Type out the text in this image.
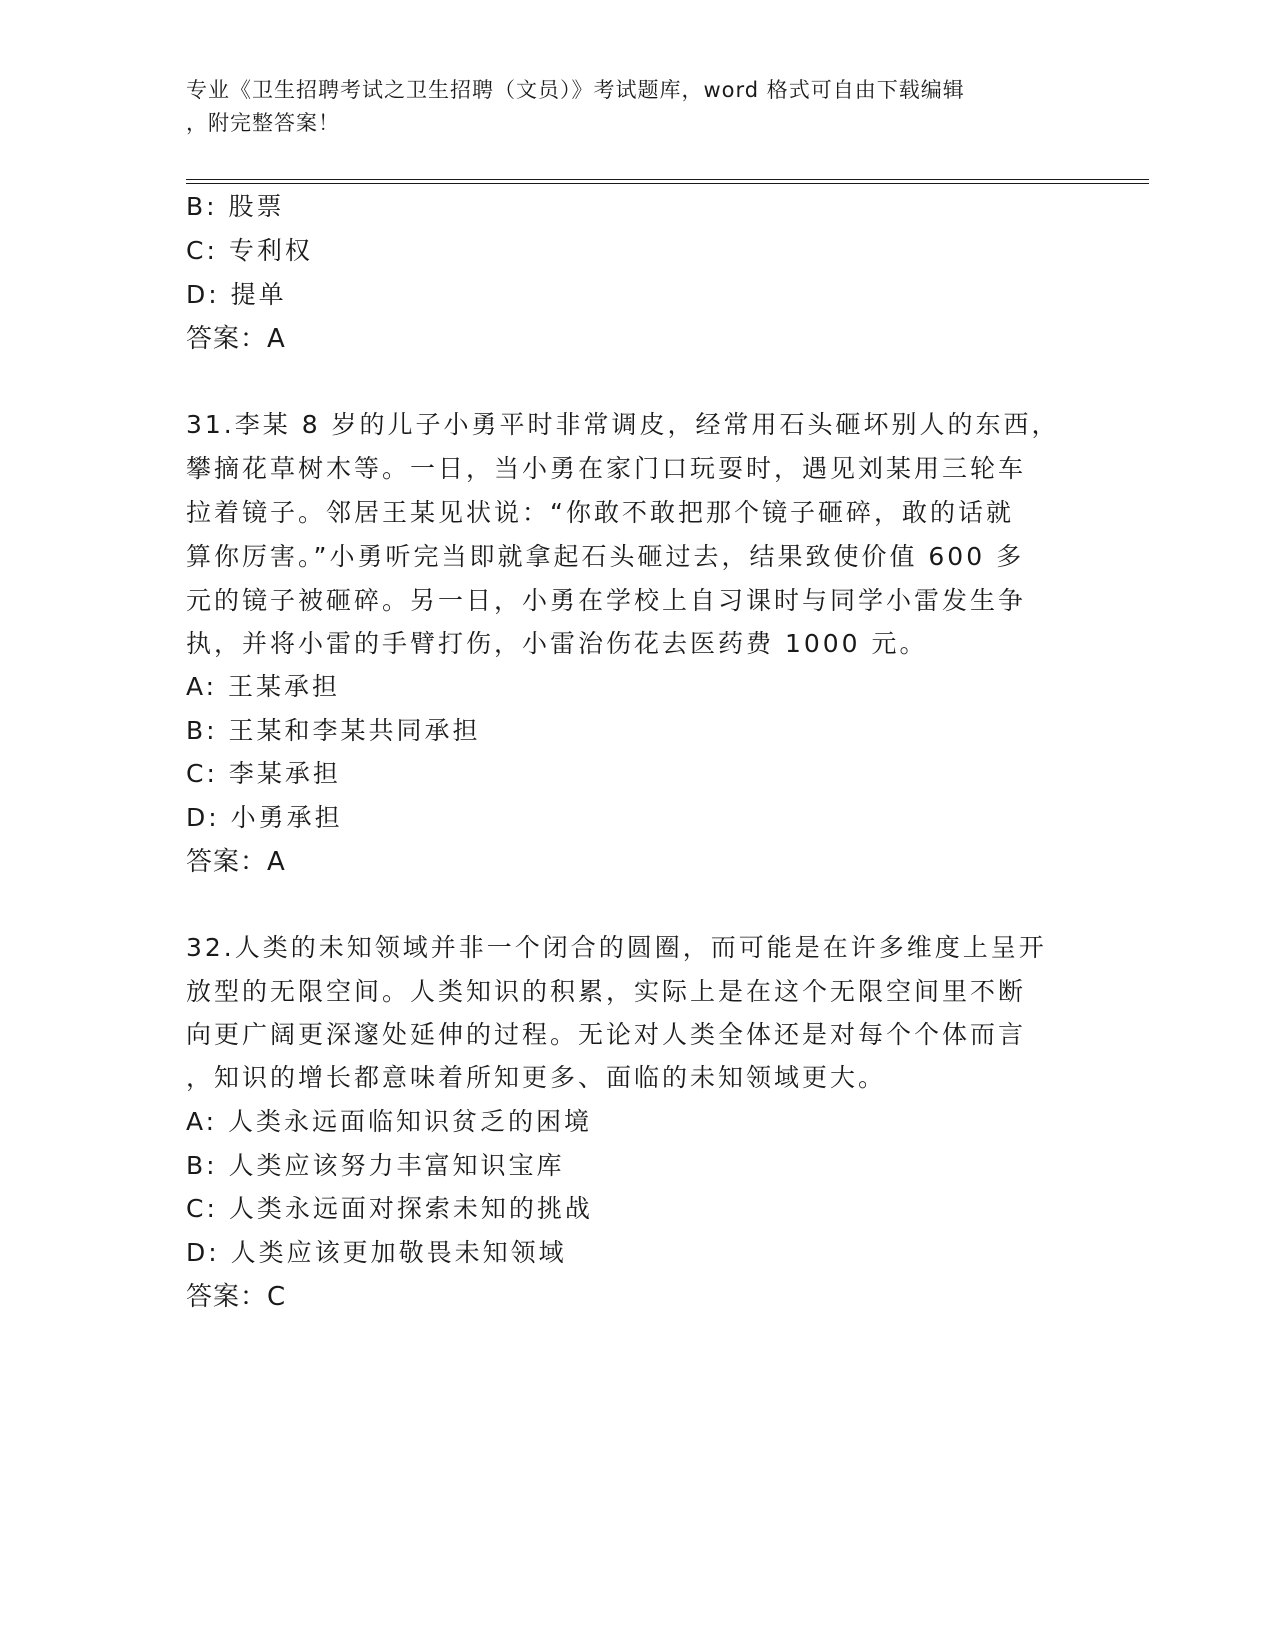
专业《卫生招聘考试之卫生招聘（文员）》考试题库，word 格式可自由下载编辑
，附完整答案！
B: 股票
C: 专利权
D: 提单
答案：A
31.李某 8 岁的儿子小勇平时非常调皮，经常用石头砸坏别人的东西，
攀摘花草树木等。一日，当小勇在家门口玩耍时，遇见刘某用三轮车
拉着镜子。邻居王某见状说：“你敢不敢把那个镜子砸碎，敢的话就
算你厉害。”小勇听完当即就拿起石头砸过去，结果致使价值 600 多
元的镜子被砸碎。另一日，小勇在学校上自习课时与同学小雷发生争
执，并将小雷的手臂打伤，小雷治伤花去医药费 1000 元。
A: 王某承担
B: 王某和李某共同承担
C: 李某承担
D: 小勇承担
答案：A
32.人类的未知领域并非一个闭合的圆圈，而可能是在许多维度上呈开
放型的无限空间。人类知识的积累，实际上是在这个无限空间里不断
向更广阔更深邃处延伸的过程。无论对人类全体还是对每个个体而言
，知识的增长都意味着所知更多、面临的未知领域更大。
A: 人类永远面临知识贫乏的困境
B: 人类应该努力丰富知识宝库
C: 人类永远面对探索未知的挑战
D: 人类应该更加敬畏未知领域
答案：C
